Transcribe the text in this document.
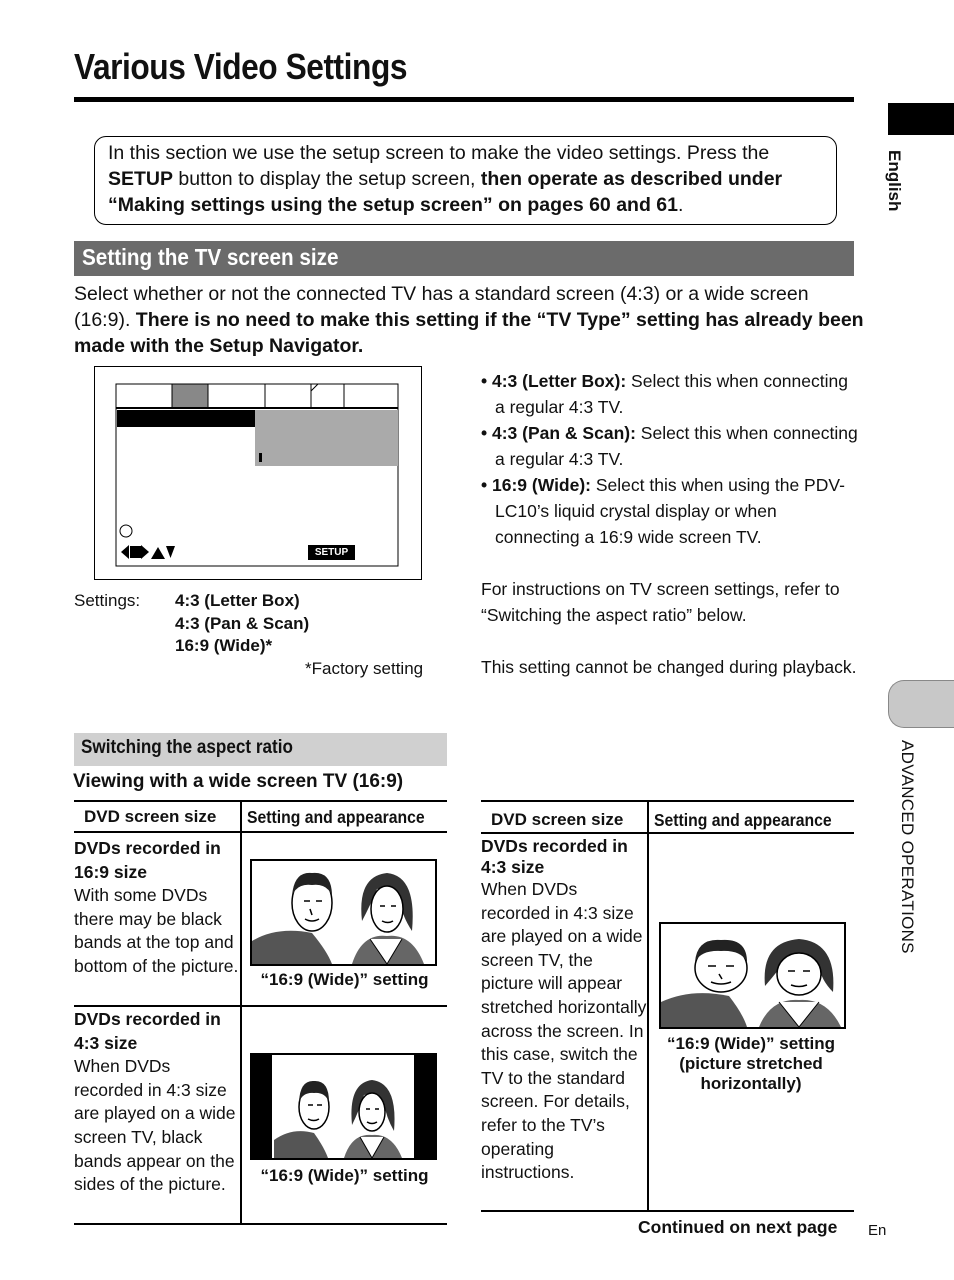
Various Video Settings
English
ADVANCED OPERATIONS
In this section we use the setup screen to make the video settings. Press the SETUP button to display the setup screen, then operate as described under “Making settings using the setup screen” on pages 60 and 61.
Setting the TV screen size
Select whether or not the connected TV has a standard screen (4:3) or a wide screen (16:9). There is no need to make this setting if the “TV Type” setting has already been made with the Setup Navigator.
SETUP
• 4:3 (Letter Box): Select this when connecting a regular 4:3 TV.
• 4:3 (Pan & Scan): Select this when connecting a regular 4:3 TV.
• 16:9 (Wide): Select this when using the PDV-LC10’s liquid crystal display or when connecting a 16:9 wide screen TV.
For instructions on TV screen settings, refer to “Switching the aspect ratio” below.
This setting cannot be changed during playback.
Settings: 4:3 (Letter Box)
4:3 (Pan & Scan)
16:9 (Wide)*
*Factory setting
Switching the aspect ratio
Viewing with a wide screen TV (16:9)
DVD screen size Setting and appearance
DVDs recorded in 16:9 size
With some DVDs there may be black bands at the top and bottom of the picture.
“16:9 (Wide)” setting
DVDs recorded in 4:3 size
When DVDs recorded in 4:3 size are played on a wide screen TV, black bands appear on the sides of the picture.	“16:9 (Wide)” setting
DVD screen size Setting and appearance
DVDs recorded in 4:3 size
When DVDs recorded in 4:3 size are played on a wide screen TV, the picture will appear stretched horizontally across the screen. In this case, switch the TV to the standard screen. For details, refer to the TV’s operating instructions.
“16:9 (Wide)” setting (picture stretched horizontally)
Continued on next page En
